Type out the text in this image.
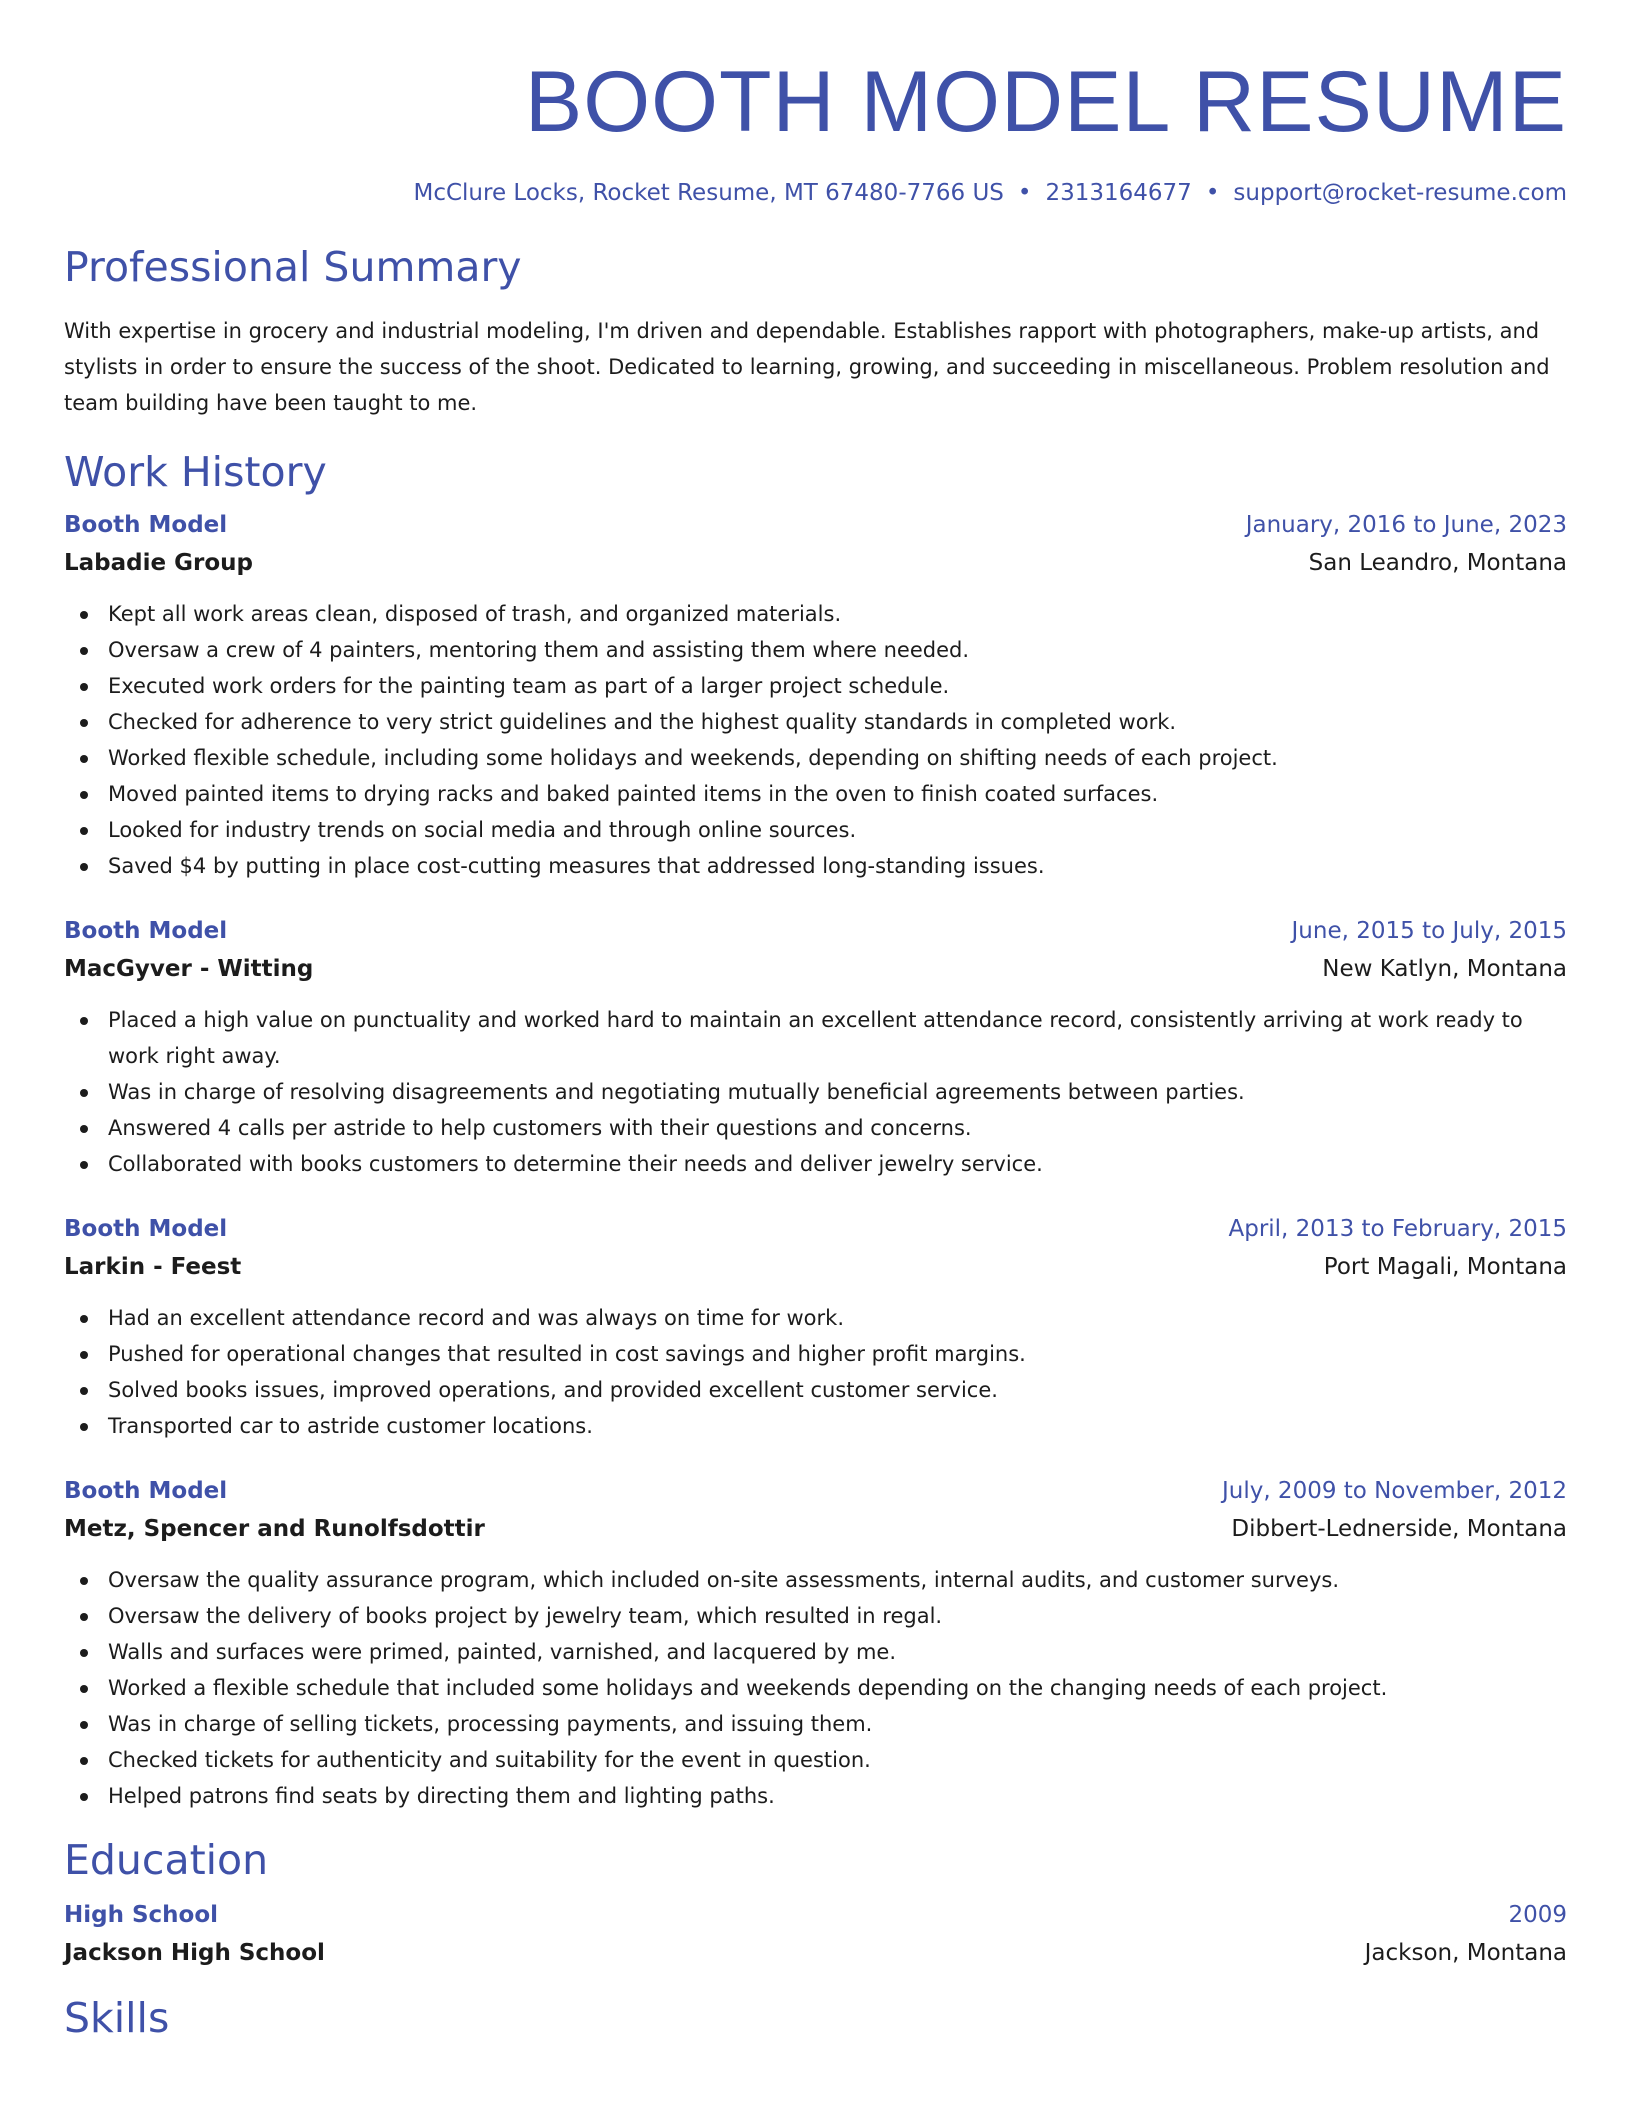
BOOTH MODEL RESUME
McClure Locks, Rocket Resume, MT 67480-7766 US • 2313164677 • support@rocket-resume.com
Professional Summary

With expertise in grocery and industrial modeling, I'm driven and dependable. Establishes rapport with photographers, make-up artists, and stylists in order to ensure the success of the shoot. Dedicated to learning, growing, and succeeding in miscellaneous. Problem resolution and team building have been taught to me.

Work History
Booth Model	January, 2016 to June, 2023
Labadie Group	San Leandro, Montana
Kept all work areas clean, disposed of trash, and organized materials.
Oversaw a crew of 4 painters, mentoring them and assisting them where needed.
Executed work orders for the painting team as part of a larger project schedule.
Checked for adherence to very strict guidelines and the highest quality standards in completed work.
Worked flexible schedule, including some holidays and weekends, depending on shifting needs of each project.
Moved painted items to drying racks and baked painted items in the oven to finish coated surfaces.
Looked for industry trends on social media and through online sources.
Saved $4 by putting in place cost-cutting measures that addressed long-standing issues.
Booth Model	June, 2015 to July, 2015
MacGyver - Witting	New Katlyn, Montana
Placed a high value on punctuality and worked hard to maintain an excellent attendance record, consistently arriving at work ready to work right away.
Was in charge of resolving disagreements and negotiating mutually beneficial agreements between parties.
Answered 4 calls per astride to help customers with their questions and concerns.
Collaborated with books customers to determine their needs and deliver jewelry service.
Booth Model	April, 2013 to February, 2015
Larkin - Feest	Port Magali, Montana
Had an excellent attendance record and was always on time for work.
Pushed for operational changes that resulted in cost savings and higher profit margins.
Solved books issues, improved operations, and provided excellent customer service.
Transported car to astride customer locations.
Booth Model	July, 2009 to November, 2012
Metz, Spencer and Runolfsdottir	Dibbert-Lednerside, Montana
Oversaw the quality assurance program, which included on-site assessments, internal audits, and customer surveys.
Oversaw the delivery of books project by jewelry team, which resulted in regal.
Walls and surfaces were primed, painted, varnished, and lacquered by me.
Worked a flexible schedule that included some holidays and weekends depending on the changing needs of each project.
Was in charge of selling tickets, processing payments, and issuing them.
Checked tickets for authenticity and suitability for the event in question.
Helped patrons find seats by directing them and lighting paths.
Education
High School	2009
Jackson High School	Jackson, Montana
Skills
